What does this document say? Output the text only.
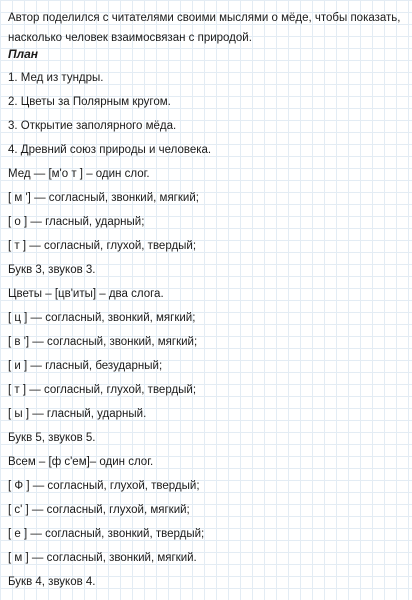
Автор поделился с читателями своими мыслями о мёде, чтобы показать, насколько человек взаимосвязан с природой.
План
1. Мед из тундры.
2. Цветы за Полярным кругом.
3. Открытие заполярного мёда.
4. Древний союз природы и человека.
Мед — [м'о т ] – один слог.
[ м '] — согласный, звонкий, мягкий;
[ о ] — гласный, ударный;
[ т ] — согласный, глухой, твердый;
Букв 3, звуков 3.
Цветы – [цв'иты] – два слога.
[ ц ] — согласный, звонкий, мягкий;
[ в '] — согласный, звонкий, мягкий;
[ и ] — гласный, безударный;
[ т ] — согласный, глухой, твердый;
[ ы ] — гласный, ударный.
Букв 5, звуков 5.
Всем – [ф с'ем]– один слог.
[ Ф ] — согласный, глухой, твердый;
[ с' ] — согласный, глухой, мягкий;
[ е ] — согласный, звонкий, твердый;
[ м ] — согласный, звонкий, мягкий.
Букв 4, звуков 4.
